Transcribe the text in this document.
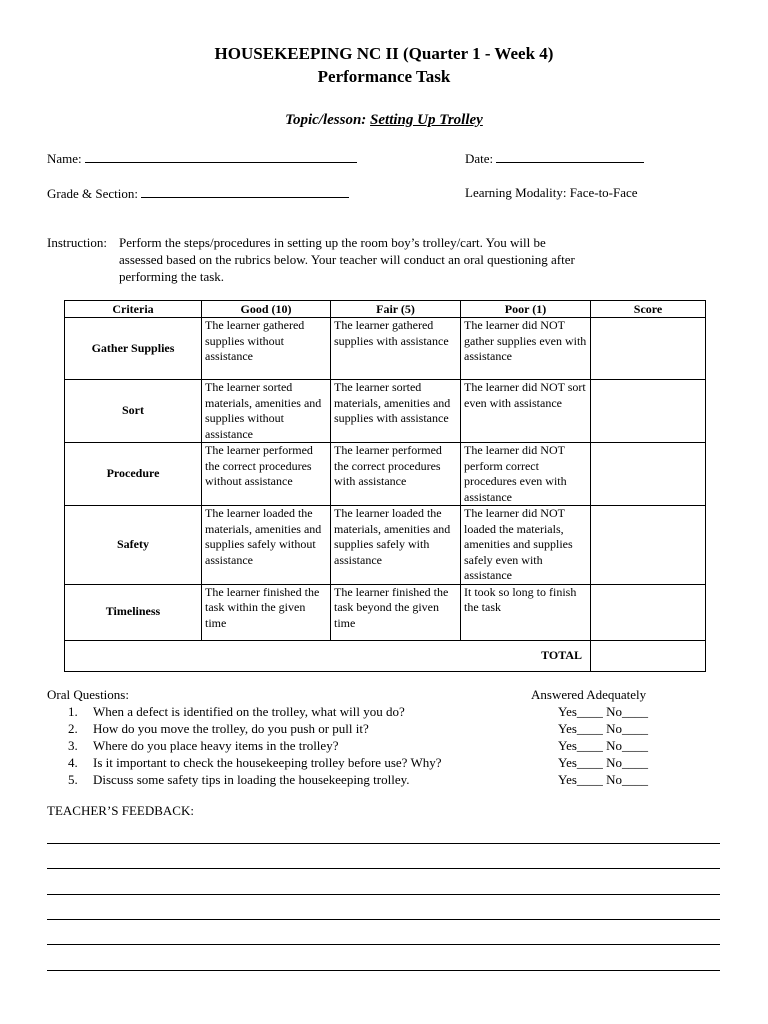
HOUSEKEEPING NC II (Quarter 1 - Week 4)
Performance Task
Topic/lesson: Setting Up Trolley
Name:	Date:
Grade & Section:	Learning Modality: Face-to-Face
Instruction: Perform the steps/procedures in setting up the room boy’s trolley/cart. You will be
assessed based on the rubrics below. Your teacher will conduct an oral questioning after
performing the task.
Criteria	Good (10)	Fair (5)	Poor (1)	Score
Gather Supplies	The learner gathered supplies without assistance	The learner gathered supplies with assistance	The learner did NOT gather supplies even with assistance	
Sort	The learner sorted materials, amenities and supplies without assistance	The learner sorted materials, amenities and supplies with assistance	The learner did NOT sort even with assistance	
Procedure	The learner performed the correct procedures without assistance	The learner performed the correct procedures with assistance	The learner did NOT perform correct procedures even with assistance	
Safety	The learner loaded the materials, amenities and supplies safely without assistance	The learner loaded the materials, amenities and supplies safely with assistance	The learner did NOT loaded the materials, amenities and supplies safely even with assistance	
Timeliness	The learner finished the task within the given time	The learner finished the task beyond the given time	It took so long to finish the task	
TOTAL				
Oral Questions:	Answered Adequately
1. When a defect is identified on the trolley, what will you do?	Yes____ No____
2. How do you move the trolley, do you push or pull it?	Yes____ No____
3. Where do you place heavy items in the trolley?	Yes____ No____
4. Is it important to check the housekeeping trolley before use? Why?	Yes____ No____
5. Discuss some safety tips in loading the housekeeping trolley.	Yes____ No____
TEACHER’S FEEDBACK:
